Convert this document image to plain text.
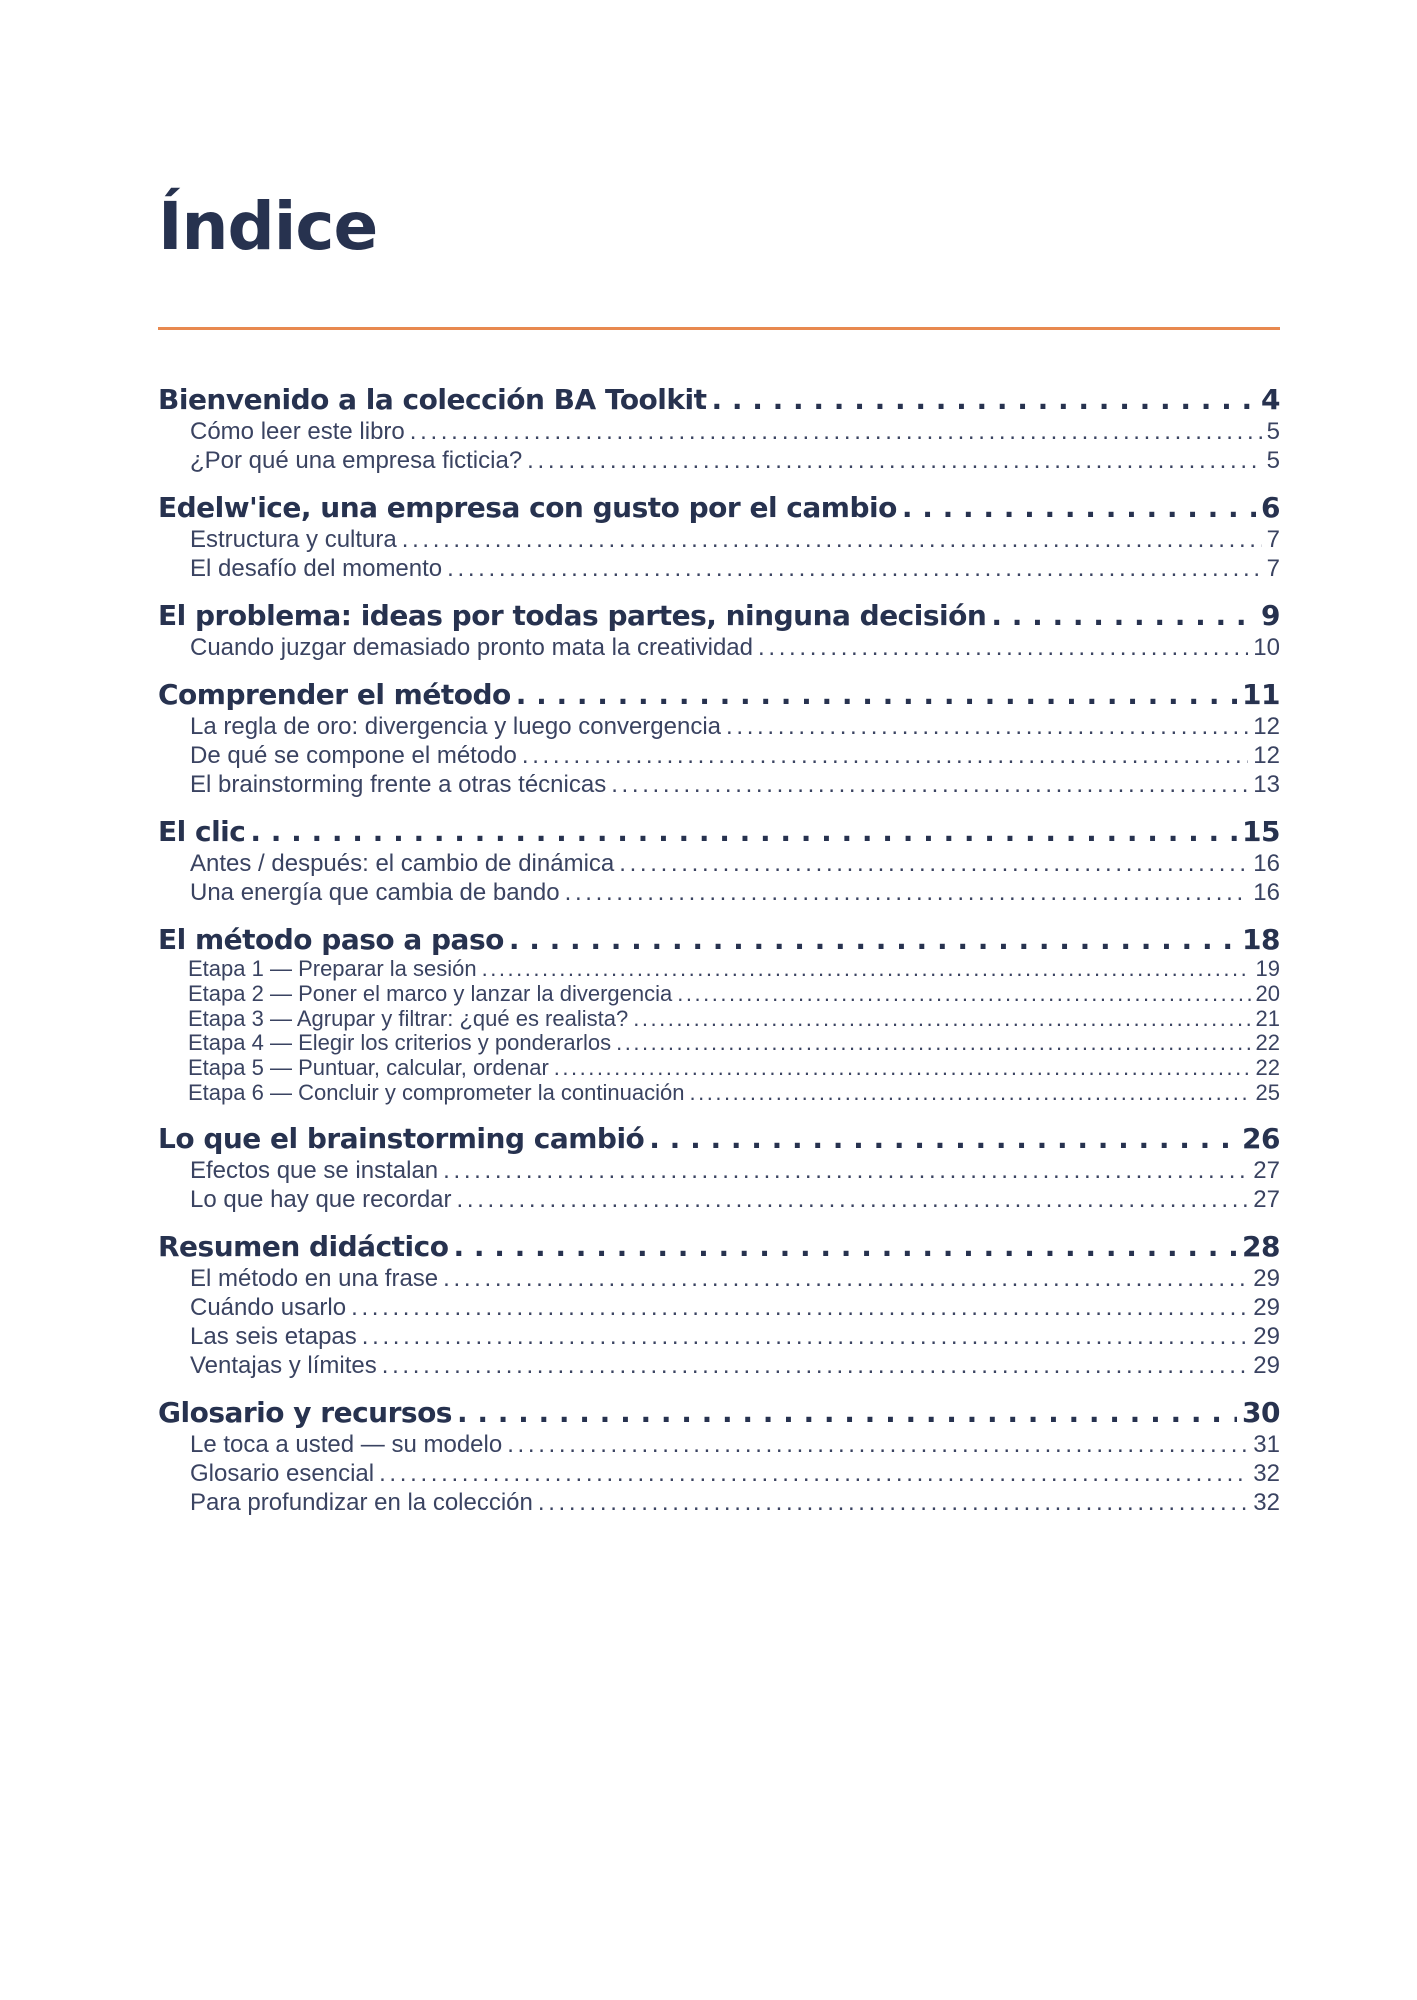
Índice
Bienvenido a la colección BA Toolkit . . .	4
Cómo leer este libro . . .	5
¿Por qué una empresa ficticia? . . .	5
Edelw'ice, una empresa con gusto por el cambio . . .	6
Estructura y cultura . . .	7
El desafío del momento . . .	7
El problema: ideas por todas partes, ninguna decisión . . .	9
Cuando juzgar demasiado pronto mata la creatividad . . .	10
Comprender el método . . .	11
La regla de oro: divergencia y luego convergencia . . .	12
De qué se compone el método . . .	12
El brainstorming frente a otras técnicas . . .	13
El clic . . .	15
Antes / después: el cambio de dinámica . . .	16
Una energía que cambia de bando . . .	16
El método paso a paso . . .	18
Etapa 1 — Preparar la sesión . . .	19
Etapa 2 — Poner el marco y lanzar la divergencia . . .	20
Etapa 3 — Agrupar y filtrar: ¿qué es realista? . . .	21
Etapa 4 — Elegir los criterios y ponderarlos . . .	22
Etapa 5 — Puntuar, calcular, ordenar . . .	22
Etapa 6 — Concluir y comprometer la continuación . . .	25
Lo que el brainstorming cambió . . .	26
Efectos que se instalan . . .	27
Lo que hay que recordar . . .	27
Resumen didáctico . . .	28
El método en una frase . . .	29
Cuándo usarlo . . .	29
Las seis etapas . . .	29
Ventajas y límites . . .	29
Glosario y recursos . . .	30
Le toca a usted — su modelo . . .	31
Glosario esencial . . .	32
Para profundizar en la colección . . .	32
